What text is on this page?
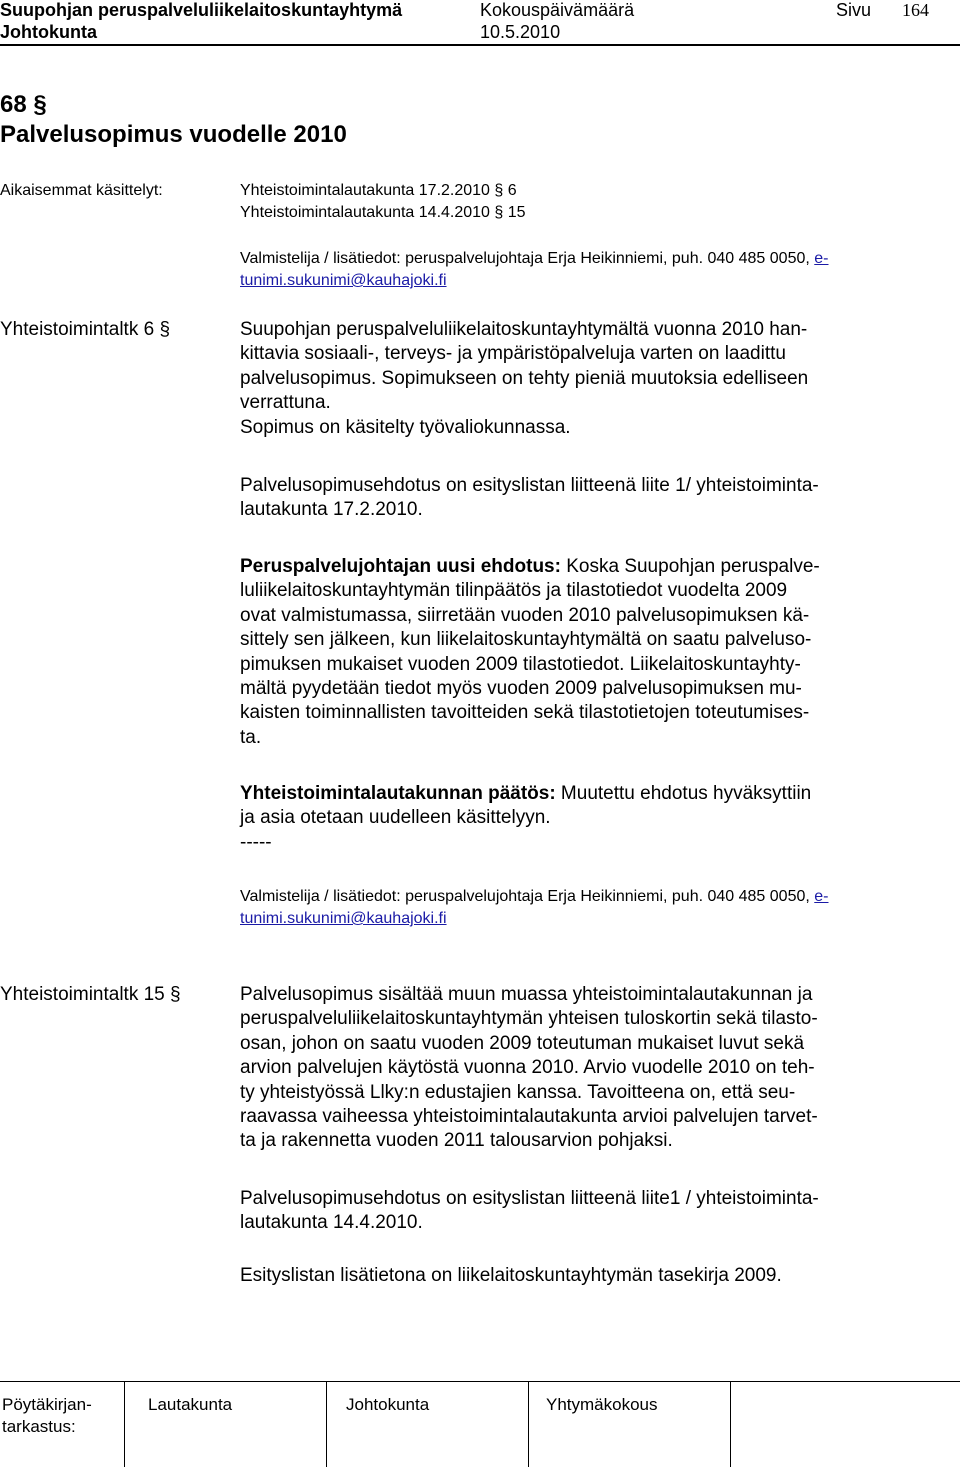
Suupohjan peruspalveluliikelaitoskuntayhtymä
Johtokunta
Kokouspäivämäärä
10.5.2010
Sivu 164
68 §
Palvelusopimus vuodelle 2010
Aikaisemmat käsittelyt:	Yhteistoimintalautakunta 17.2.2010 § 6
Yhteistoimintalautakunta 14.4.2010 § 15
Valmistelija / lisätiedot: peruspalvelujohtaja Erja Heikinniemi, puh. 040 485 0050, e-
tunimi.sukunimi@kauhajoki.fi
Yhteistoimintaltk 6 §	Suupohjan peruspalveluliikelaitoskuntayhtymältä vuonna 2010 han-
kittavia sosiaali-, terveys- ja ympäristöpalveluja varten on laadittu
palvelusopimus. Sopimukseen on tehty pieniä muutoksia edelliseen
verrattuna.
Sopimus on käsitelty työvaliokunnassa.
Palvelusopimusehdotus on esityslistan liitteenä liite 1/ yhteistoiminta-
lautakunta 17.2.2010.
Peruspalvelujohtajan uusi ehdotus: Koska Suupohjan peruspalve-
luliikelaitoskuntayhtymän tilinpäätös ja tilastotiedot vuodelta 2009
ovat valmistumassa, siirretään vuoden 2010 palvelusopimuksen kä-
sittely sen jälkeen, kun liikelaitoskuntayhtymältä on saatu palveluso-
pimuksen mukaiset vuoden 2009 tilastotiedot. Liikelaitoskuntayhty-
mältä pyydetään tiedot myös vuoden 2009 palvelusopimuksen mu-
kaisten toiminnallisten tavoitteiden sekä tilastotietojen toteutumises-
ta.
Yhteistoimintalautakunnan päätös: Muutettu ehdotus hyväksyttiin
ja asia otetaan uudelleen käsittelyyn.
-----
Valmistelija / lisätiedot: peruspalvelujohtaja Erja Heikinniemi, puh. 040 485 0050, e-
tunimi.sukunimi@kauhajoki.fi
Yhteistoimintaltk 15 §	Palvelusopimus sisältää muun muassa yhteistoimintalautakunnan ja
peruspalveluliikelaitoskuntayhtymän yhteisen tuloskortin sekä tilasto-
osan, johon on saatu vuoden 2009 toteutuman mukaiset luvut sekä
arvion palvelujen käytöstä vuonna 2010. Arvio vuodelle 2010 on teh-
ty yhteistyössä Llky:n edustajien kanssa. Tavoitteena on, että seu-
raavassa vaiheessa yhteistoimintalautakunta arvioi palvelujen tarvet-
ta ja rakennetta vuoden 2011 talousarvion pohjaksi.
Palvelusopimusehdotus on esityslistan liitteenä liite1 / yhteistoiminta-
lautakunta 14.4.2010.
Esityslistan lisätietona on liikelaitoskuntayhtymän tasekirja 2009.
Pöytäkirjan-
tarkastus:
Lautakunta	Johtokunta	Yhtymäkokous
